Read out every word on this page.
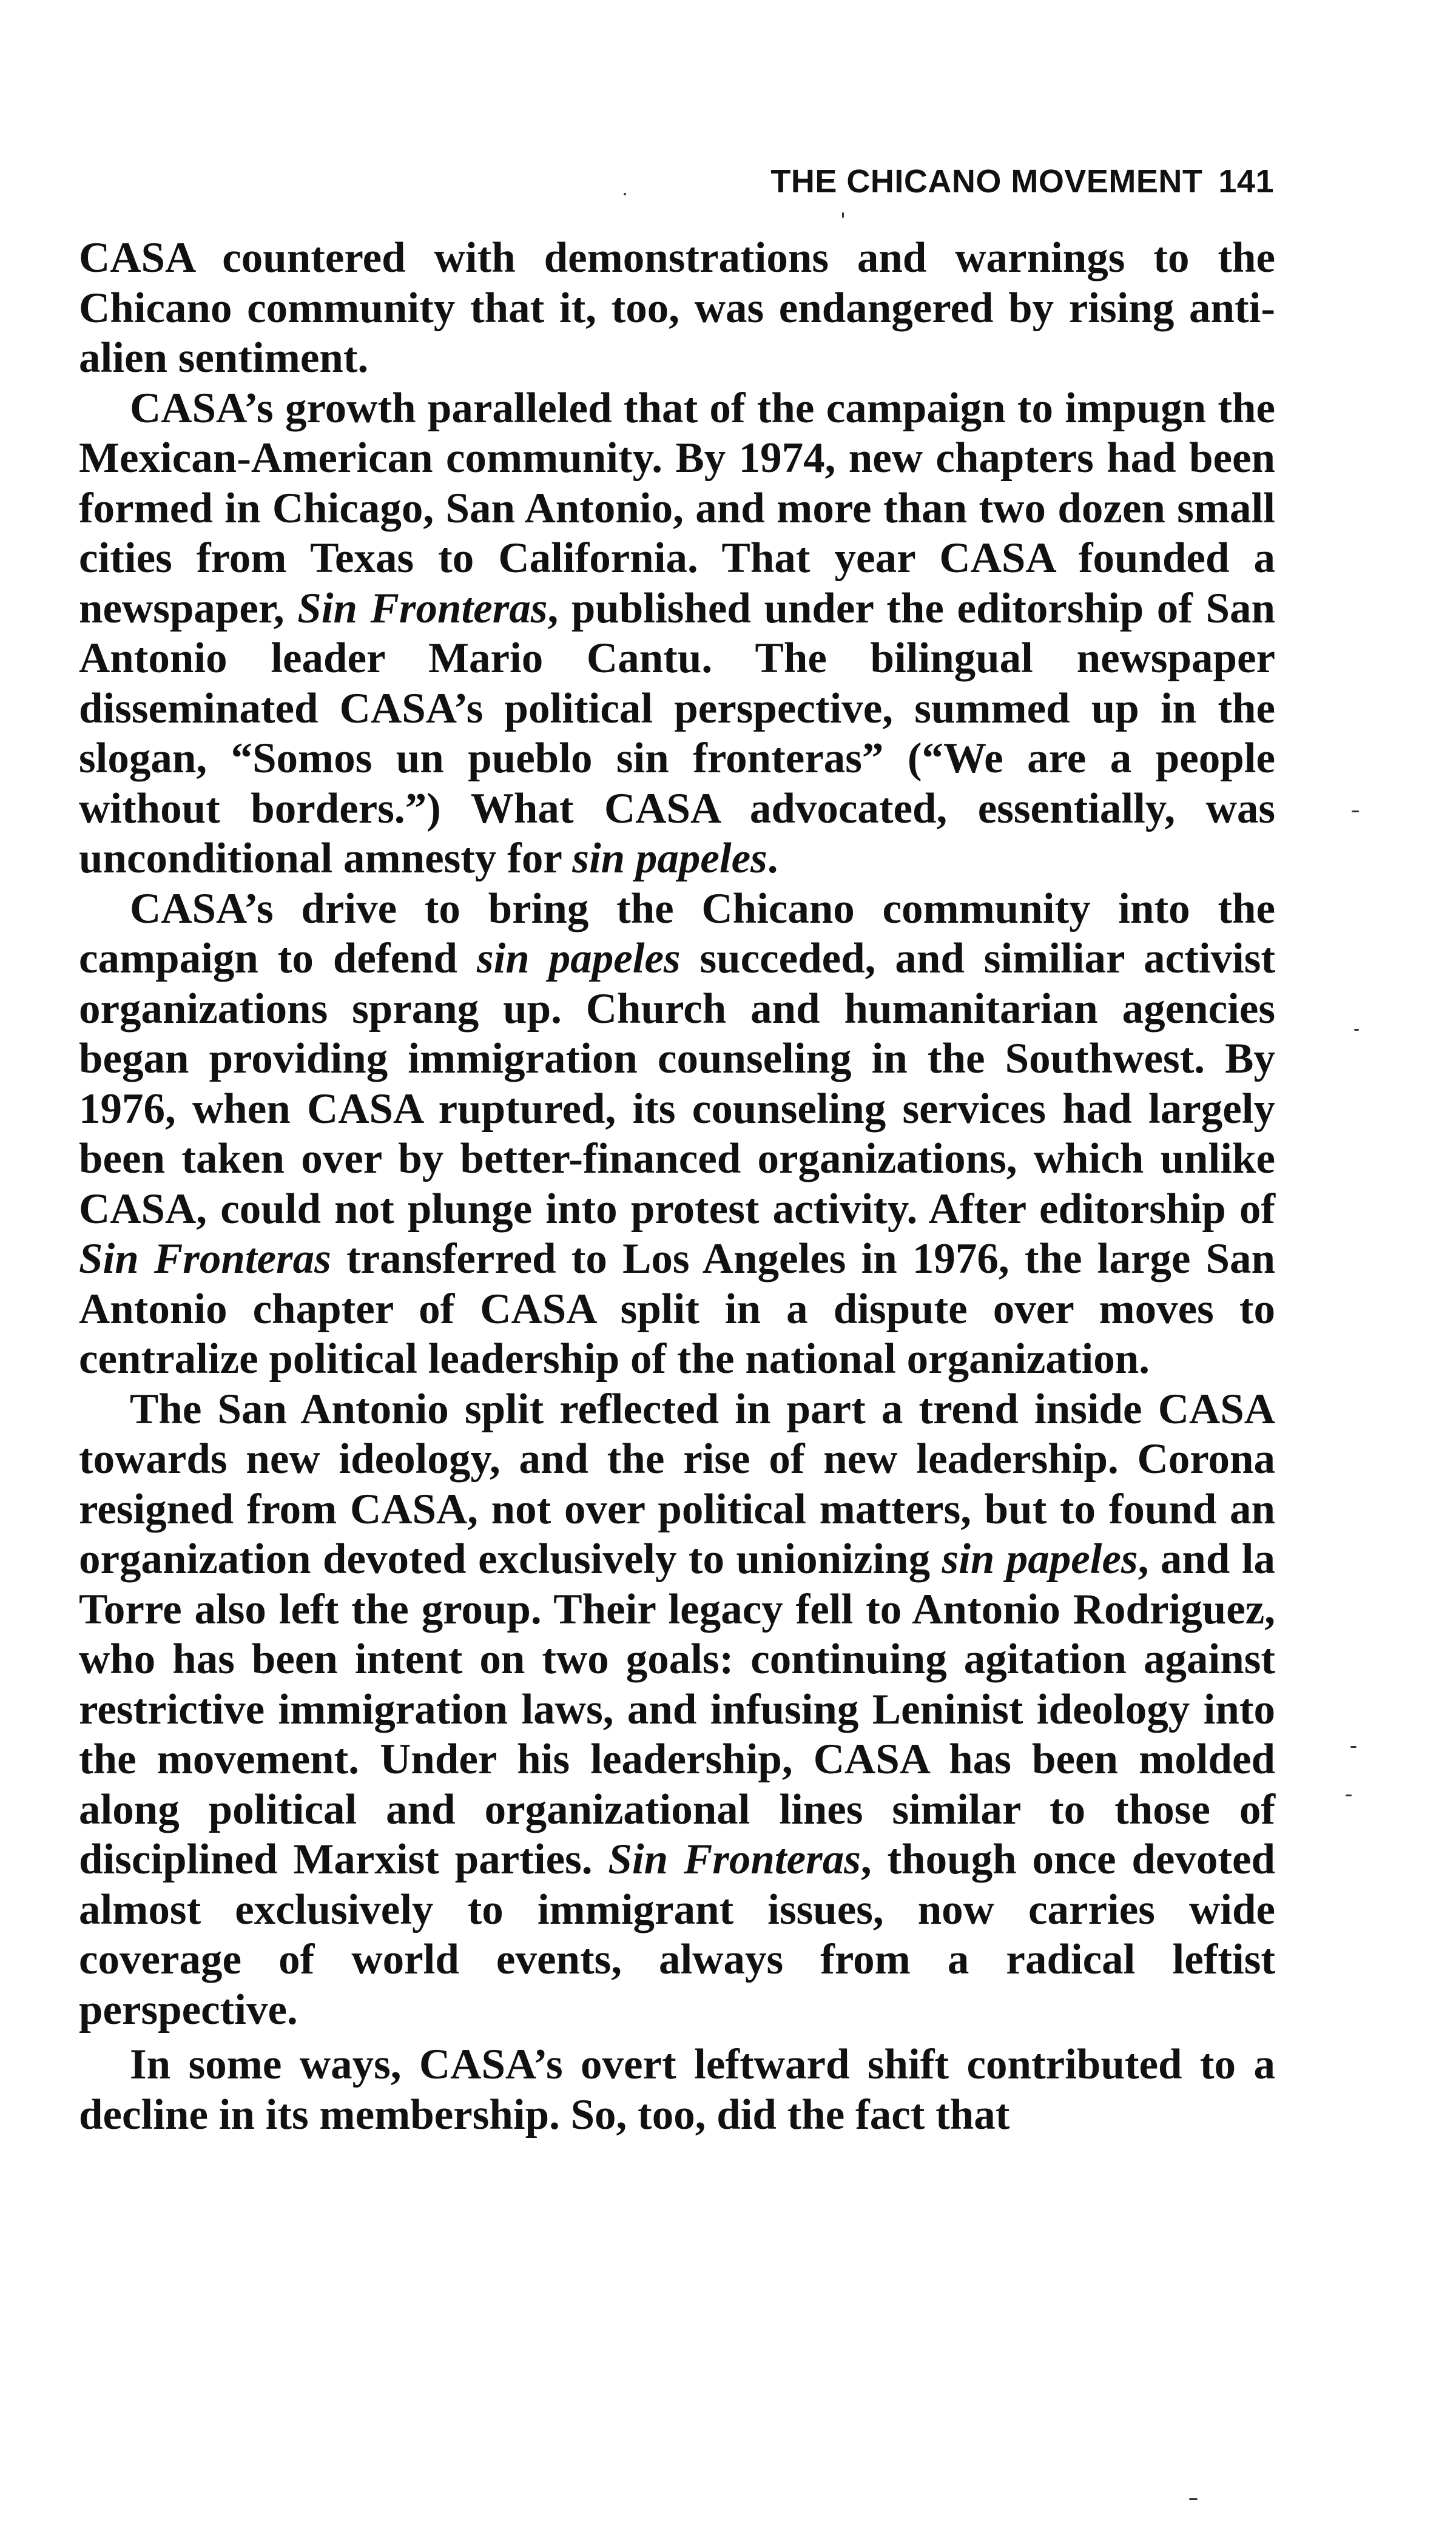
THE CHICANO MOVEMENT 141

CASA countered with demonstrations and warnings to the Chicano community that it, too, was endangered by rising anti-alien sentiment.

CASA’s growth paralleled that of the campaign to impugn the Mexican-American community. By 1974, new chapters had been formed in Chicago, San Antonio, and more than two dozen small cities from Texas to California. That year CASA founded a newspaper, Sin Fronteras, published under the editorship of San Antonio leader Mario Cantu. The bilingual newspaper disseminated CASA’s political perspective, summed up in the slogan, “Somos un pueblo sin fronteras” (“We are a people without borders.”) What CASA advocated, essentially, was unconditional amnesty for sin papeles.

CASA’s drive to bring the Chicano community into the campaign to defend sin papeles succeded, and similiar activist organizations sprang up. Church and humanitarian agencies began providing immigration counseling in the Southwest. By 1976, when CASA ruptured, its counseling services had largely been taken over by better-financed organizations, which unlike CASA, could not plunge into protest activity. After editorship of Sin Fronteras transferred to Los Angeles in 1976, the large San Antonio chapter of CASA split in a dispute over moves to centralize political leadership of the national organization.

The San Antonio split reflected in part a trend inside CASA towards new ideology, and the rise of new leadership. Corona resigned from CASA, not over political matters, but to found an organization devoted exclusively to unionizing sin papeles, and la Torre also left the group. Their legacy fell to Antonio Rodriguez, who has been intent on two goals: continuing agitation against restrictive immigration laws, and infusing Leninist ideology into the movement. Under his leadership, CASA has been molded along political and organizational lines similar to those of disciplined Marxist parties. Sin Fronteras, though once devoted almost exclusively to immigrant issues, now carries wide coverage of world events, always from a radical leftist perspective.

In some ways, CASA’s overt leftward shift contributed to a decline in its membership. So, too, did the fact that
